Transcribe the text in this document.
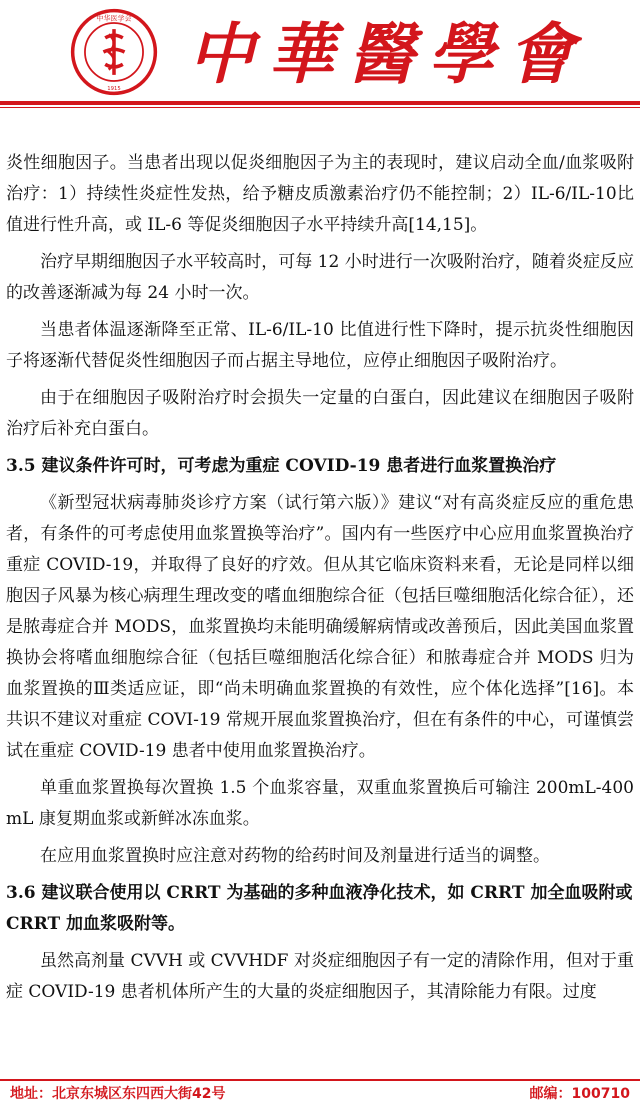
中华医学会
1915 中華醫學會

炎性细胞因子。当患者出现以促炎细胞因子为主的表现时，建议启动全血/血浆吸附治疗：1）持续性炎症性发热，给予糖皮质激素治疗仍不能控制；2）IL-6/IL-10比值进行性升高，或 IL-6 等促炎细胞因子水平持续升高[14,15]。

治疗早期细胞因子水平较高时，可每 12 小时进行一次吸附治疗，随着炎症反应的改善逐渐减为每 24 小时一次。

当患者体温逐渐降至正常、IL-6/IL-10 比值进行性下降时，提示抗炎性细胞因子将逐渐代替促炎性细胞因子而占据主导地位，应停止细胞因子吸附治疗。

由于在细胞因子吸附治疗时会损失一定量的白蛋白，因此建议在细胞因子吸附治疗后补充白蛋白。

3.5 建议条件许可时，可考虑为重症 COVID-19 患者进行血浆置换治疗

《新型冠状病毒肺炎诊疗方案（试行第六版）》建议“对有高炎症反应的重危患者，有条件的可考虑使用血浆置换等治疗”。国内有一些医疗中心应用血浆置换治疗重症 COVID-19，并取得了良好的疗效。但从其它临床资料来看，无论是同样以细胞因子风暴为核心病理生理改变的嗜血细胞综合征（包括巨噬细胞活化综合征），还是脓毒症合并 MODS，血浆置换均未能明确缓解病情或改善预后，因此美国血浆置换协会将嗜血细胞综合征（包括巨噬细胞活化综合征）和脓毒症合并 MODS 归为血浆置换的Ⅲ类适应证，即“尚未明确血浆置换的有效性，应个体化选择”[16]。本共识不建议对重症 COVI-19 常规开展血浆置换治疗，但在有条件的中心，可谨慎尝试在重症 COVID-19 患者中使用血浆置换治疗。

单重血浆置换每次置换 1.5 个血浆容量，双重血浆置换后可输注 200mL-400mL 康复期血浆或新鲜冰冻血浆。

在应用血浆置换时应注意对药物的给药时间及剂量进行适当的调整。

3.6 建议联合使用以 CRRT 为基础的多种血液净化技术，如 CRRT 加全血吸附或 CRRT 加血浆吸附等。

虽然高剂量 CVVH 或 CVVHDF 对炎症细胞因子有一定的清除作用，但对于重症 COVID-19 患者机体所产生的大量的炎症细胞因子，其清除能力有限。过度

地址：北京东城区东四西大街42号	邮编：100710
